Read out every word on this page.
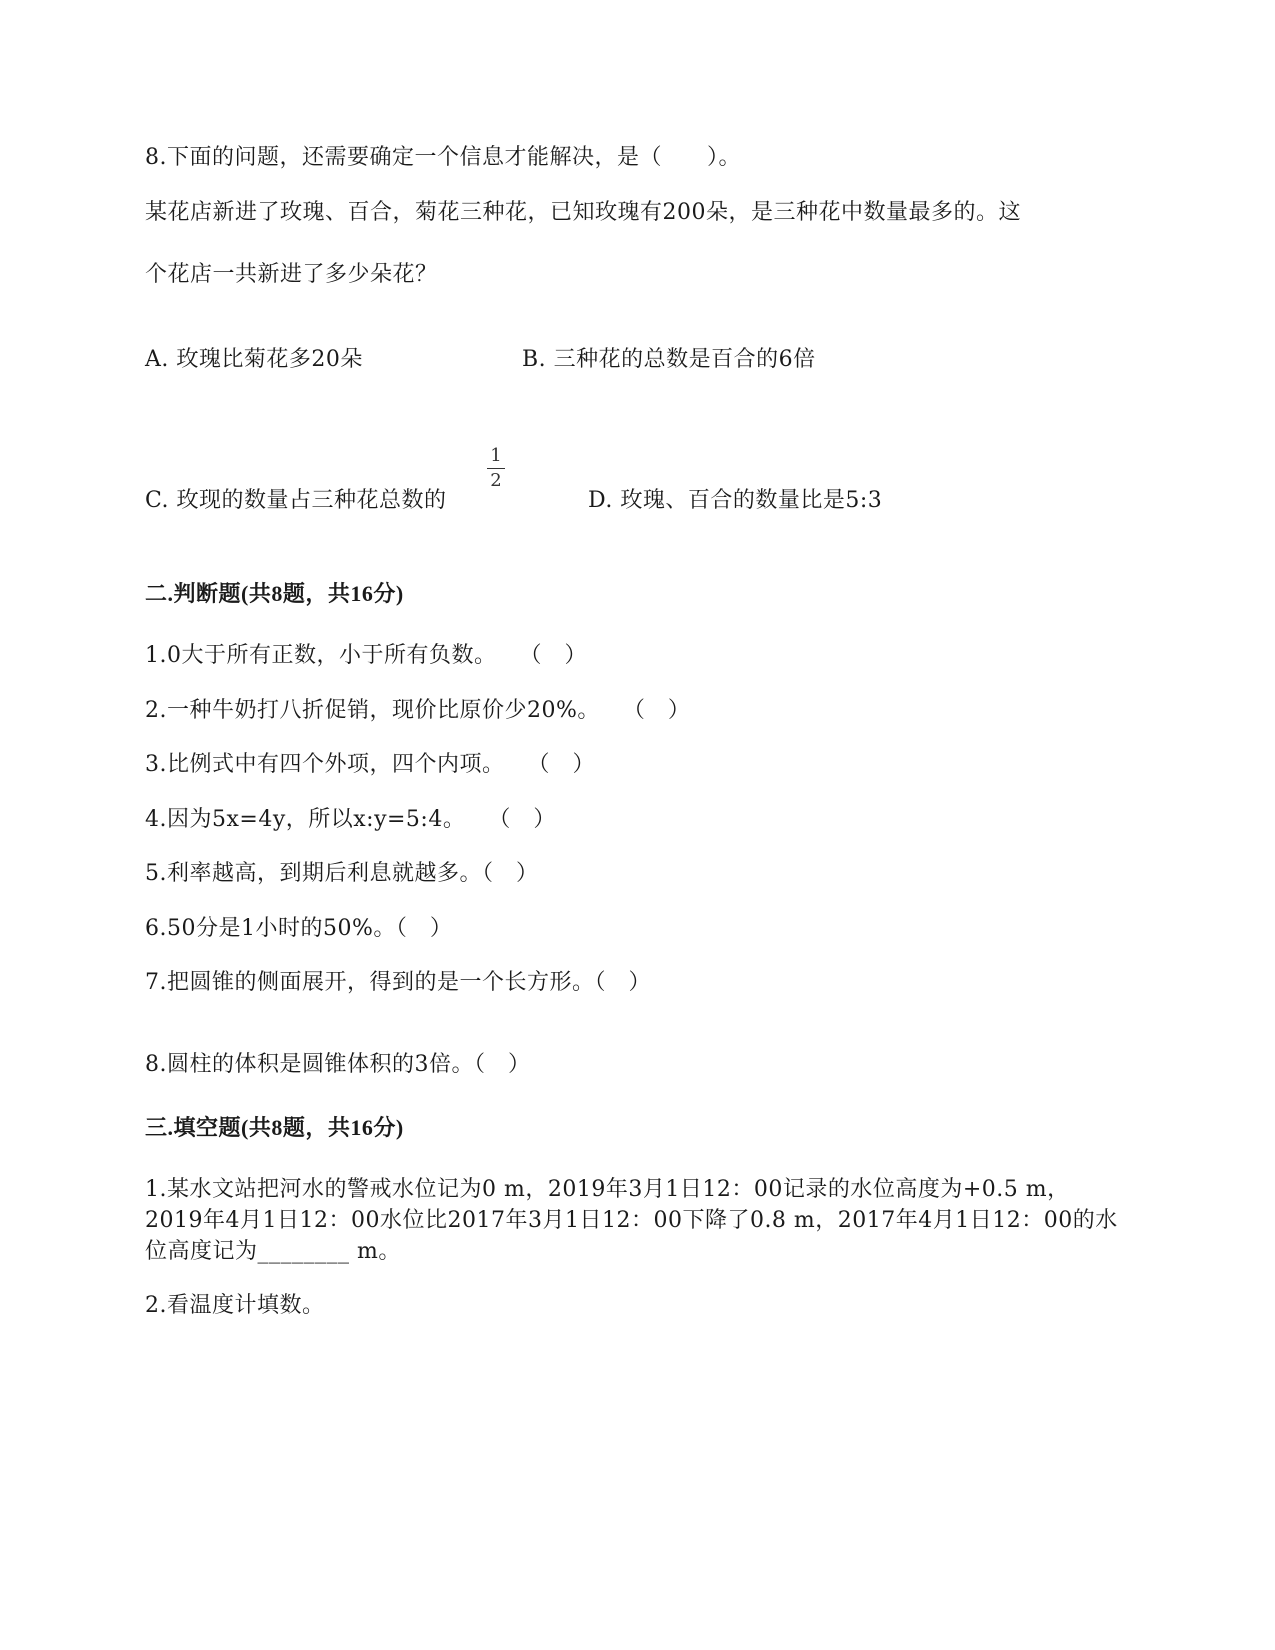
8.下面的问题，还需要确定一个信息才能解决，是（　　）。
某花店新进了玫瑰、百合，菊花三种花，已知玫瑰有200朵，是三种花中数量最多的。这
个花店一共新进了多少朵花？
A. 玫瑰比菊花多20朵	B. 三种花的总数是百合的6倍
1
2
C. 玫现的数量占三种花总数的	D. 玫瑰、百合的数量比是5:3
二.判断题(共8题，共16分)
1.0大于所有正数，小于所有负数。　　（　）
2.一种牛奶打八折促销，现价比原价少20%。　　（　）
3.比例式中有四个外项，四个内项。　　（　）
4.因为5x=4y，所以x:y=5:4。　　（　）
5.利率越高，到期后利息就越多。（　）
6.50分是1小时的50%。（　）
7.把圆锥的侧面展开，得到的是一个长方形。（　）
8.圆柱的体积是圆锥体积的3倍。（　）
三.填空题(共8题，共16分)
1.某水文站把河水的警戒水位记为0 m，2019年3月1日12：00记录的水位高度为+0.5 m，
2019年4月1日12：00水位比2017年3月1日12：00下降了0.8 m，2017年4月1日12：00的水
位高度记为________ m。
2.看温度计填数。
